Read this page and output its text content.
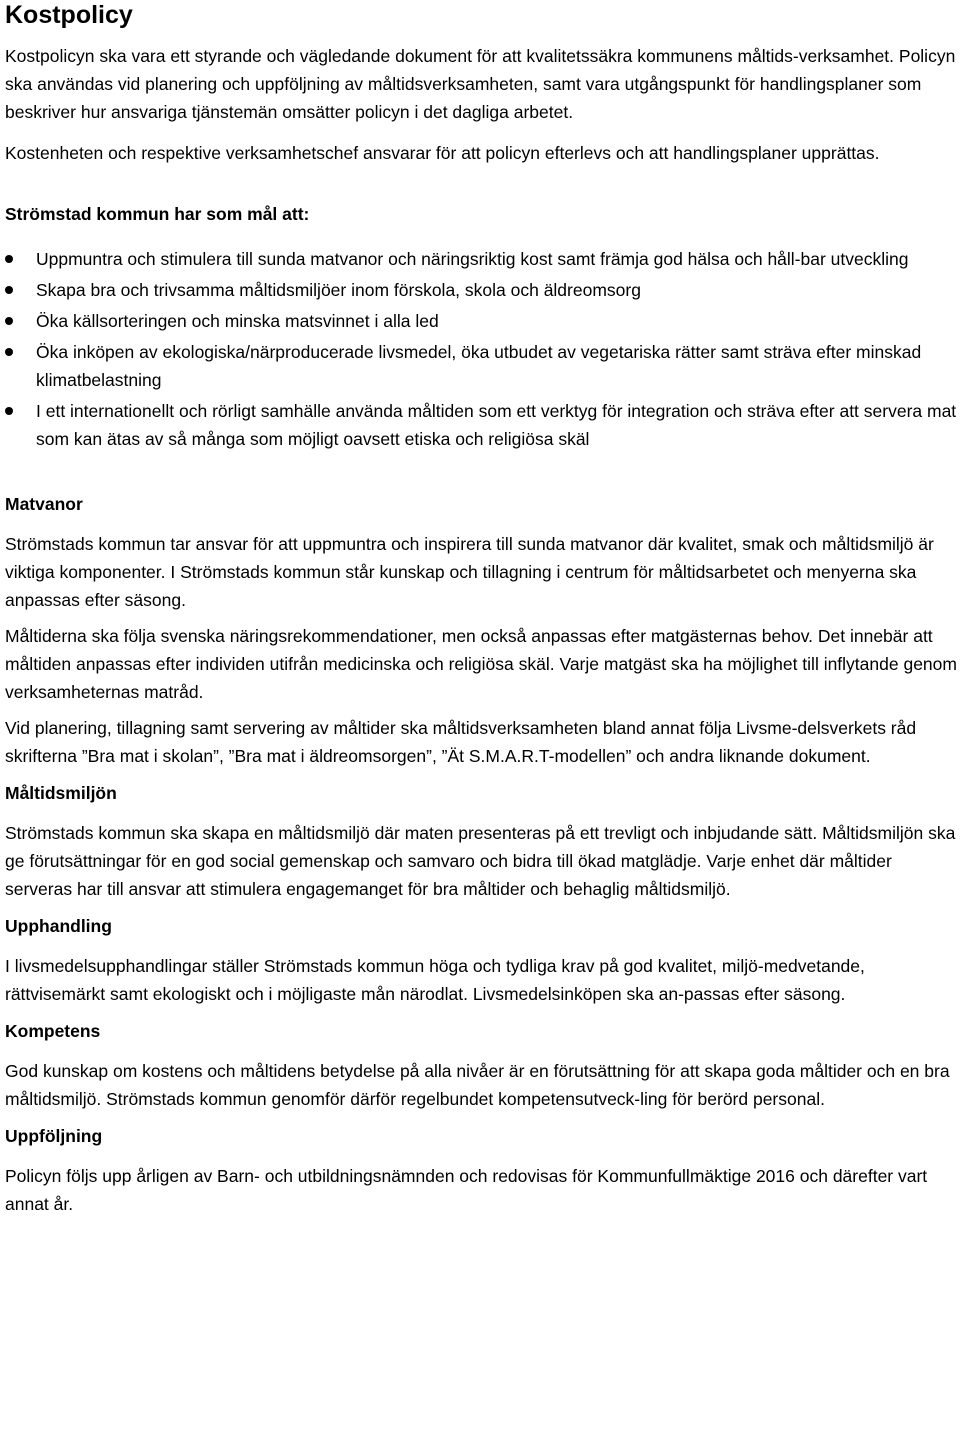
Kostpolicy

Kostpolicyn ska vara ett styrande och vägledande dokument för att kvalitetssäkra kommunens måltids-verksamhet. Policyn ska användas vid planering och uppföljning av måltidsverksamheten, samt vara utgångspunkt för handlingsplaner som beskriver hur ansvariga tjänstemän omsätter policyn i det dagliga arbetet.

Kostenheten och respektive verksamhetschef ansvarar för att policyn efterlevs och att handlingsplaner upprättas.

Strömstad kommun har som mål att:
Uppmuntra och stimulera till sunda matvanor och näringsriktig kost samt främja god hälsa och håll-bar utveckling
Skapa bra och trivsamma måltidsmiljöer inom förskola, skola och äldreomsorg
Öka källsorteringen och minska matsvinnet i alla led
Öka inköpen av ekologiska/närproducerade livsmedel, öka utbudet av vegetariska rätter samt sträva efter minskad klimatbelastning
I ett internationellt och rörligt samhälle använda måltiden som ett verktyg för integration och sträva efter att servera mat som kan ätas av så många som möjligt oavsett etiska och religiösa skäl
Matvanor

Strömstads kommun tar ansvar för att uppmuntra och inspirera till sunda matvanor där kvalitet, smak och måltidsmiljö är viktiga komponenter. I Strömstads kommun står kunskap och tillagning i centrum för måltidsarbetet och menyerna ska anpassas efter säsong.

Måltiderna ska följa svenska näringsrekommendationer, men också anpassas efter matgästernas behov. Det innebär att måltiden anpassas efter individen utifrån medicinska och religiösa skäl. Varje matgäst ska ha möjlighet till inflytande genom verksamheternas matråd.

Vid planering, tillagning samt servering av måltider ska måltidsverksamheten bland annat följa Livsme-delsverkets råd skrifterna ”Bra mat i skolan”, ”Bra mat i äldreomsorgen”, ”Ät S.M.A.R.T-modellen” och andra liknande dokument.

Måltidsmiljön

Strömstads kommun ska skapa en måltidsmiljö där maten presenteras på ett trevligt och inbjudande sätt. Måltidsmiljön ska ge förutsättningar för en god social gemenskap och samvaro och bidra till ökad matglädje. Varje enhet där måltider serveras har till ansvar att stimulera engagemanget för bra måltider och behaglig måltidsmiljö.

Upphandling

I livsmedelsupphandlingar ställer Strömstads kommun höga och tydliga krav på god kvalitet, miljö-medvetande, rättvisemärkt samt ekologiskt och i möjligaste mån närodlat. Livsmedelsinköpen ska an-passas efter säsong.

Kompetens

God kunskap om kostens och måltidens betydelse på alla nivåer är en förutsättning för att skapa goda måltider och en bra måltidsmiljö. Strömstads kommun genomför därför regelbundet kompetensutveck-ling för berörd personal.

Uppföljning

Policyn följs upp årligen av Barn- och utbildningsnämnden och redovisas för Kommunfullmäktige 2016 och därefter vart annat år.
